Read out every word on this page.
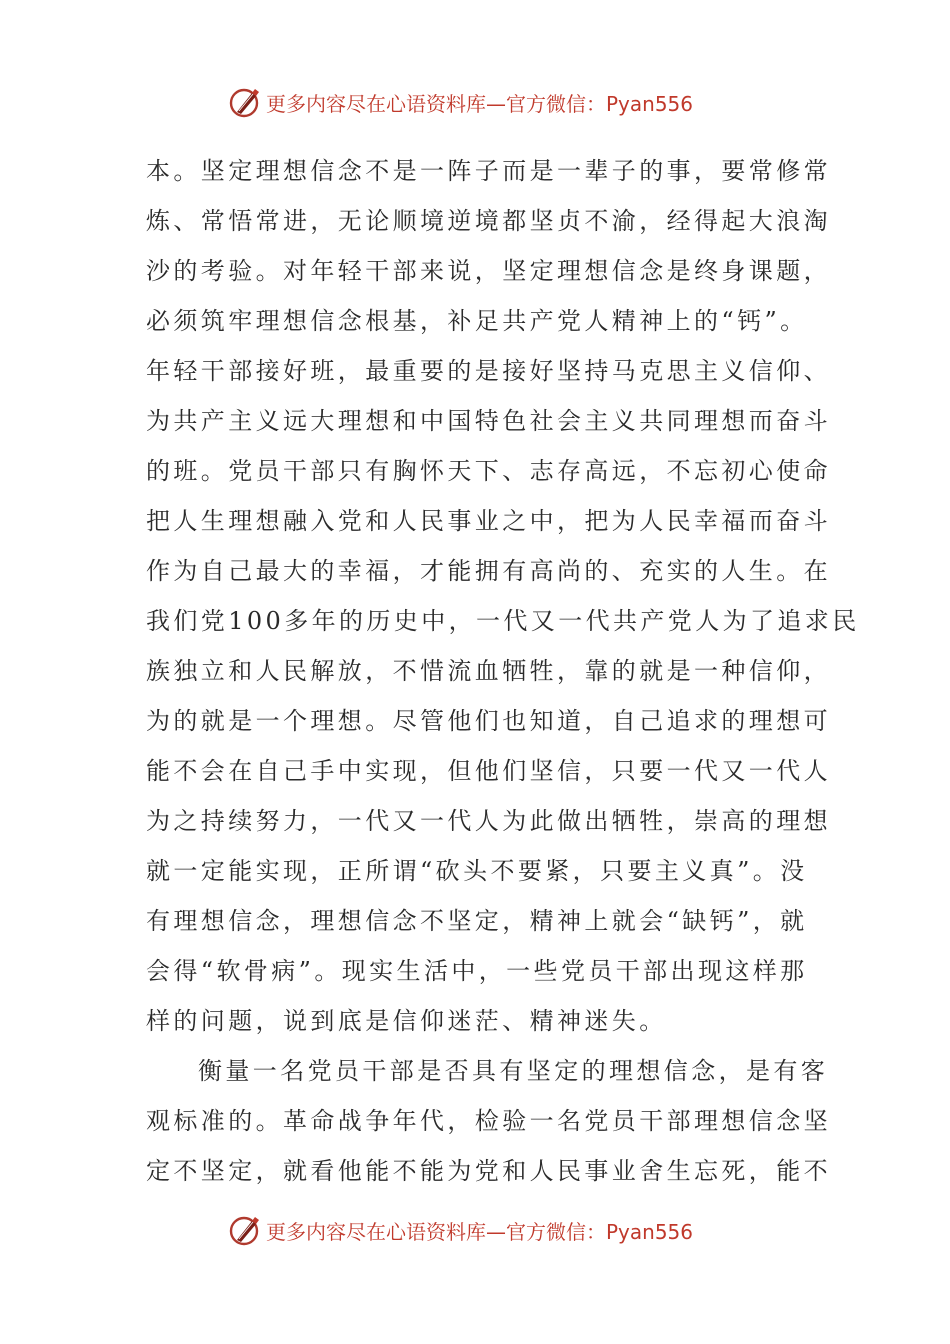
更多内容尽在心语资料库—官方微信：Pyan556
本。坚定理想信念不是一阵子而是一辈子的事，要常修常
炼、常悟常进，无论顺境逆境都坚贞不渝，经得起大浪淘
沙的考验。对年轻干部来说，坚定理想信念是终身课题，
必须筑牢理想信念根基，补足共产党人精神上的“钙”。
年轻干部接好班，最重要的是接好坚持马克思主义信仰、
为共产主义远大理想和中国特色社会主义共同理想而奋斗
的班。党员干部只有胸怀天下、志存高远，不忘初心使命
把人生理想融入党和人民事业之中，把为人民幸福而奋斗
作为自己最大的幸福，才能拥有高尚的、充实的人生。在
我们党100多年的历史中，一代又一代共产党人为了追求民
族独立和人民解放，不惜流血牺牲，靠的就是一种信仰，
为的就是一个理想。尽管他们也知道，自己追求的理想可
能不会在自己手中实现，但他们坚信，只要一代又一代人
为之持续努力，一代又一代人为此做出牺牲，崇高的理想
就一定能实现，正所谓“砍头不要紧，只要主义真”。没
有理想信念，理想信念不坚定，精神上就会“缺钙”，就
会得“软骨病”。现实生活中，一些党员干部出现这样那
样的问题，说到底是信仰迷茫、精神迷失。
衡量一名党员干部是否具有坚定的理想信念，是有客
观标准的。革命战争年代，检验一名党员干部理想信念坚
定不坚定，就看他能不能为党和人民事业舍生忘死，能不
更多内容尽在心语资料库—官方微信：Pyan556
